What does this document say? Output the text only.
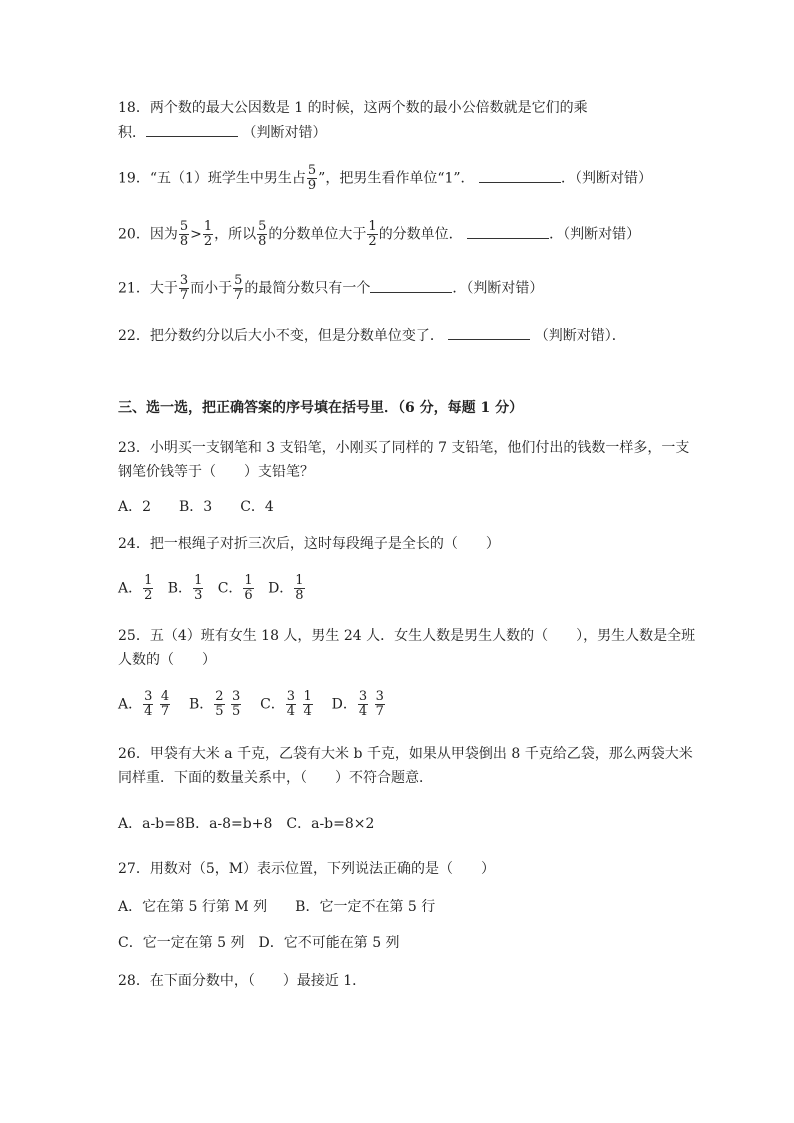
18．两个数的最大公因数是 1 的时候，这两个数的最小公倍数就是它们的乘
积．	（判断对错）
19．“五（1）班学生中男生占 $\frac{5}{9}$ ”，把男生看作单位“1”．	．（判断对错）
20．因为 $\frac{5}{8} > \frac{1}{2}$ ，所以 $\frac{5}{8}$ 的分数单位大于 $\frac{1}{2}$ 的分数单位．	．（判断对错）
21．大于 $\frac{3}{7}$ 而小于 $\frac{5}{7}$ 的最简分数只有一个	．（判断对错）
22．把分数约分以后大小不变，但是分数单位变了．	（判断对错）．
三、选一选，把正确答案的序号填在括号里．（6 分，每题 1 分）
23．小明买一支钢笔和 3 支铅笔，小刚买了同样的 7 支铅笔，他们付出的钱数一样多，一支
钢笔价钱等于（　　）支铅笔？
A．2　　B．3　　C．4
24．把一根绳子对折三次后，这时每段绳子是全长的（　　）
A． $\frac{1}{2}$ B． $\frac{1}{3}$ C． $\frac{1}{6}$ D． $\frac{1}{8}$
25．五（4）班有女生 18 人，男生 24 人．女生人数是男生人数的（　　），男生人数是全班
人数的（　　）
A． $\frac{3}{4}$
$\frac{4}{7}$ B． $\frac{2}{5}$
$\frac{3}{5}$ C． $\frac{3}{4}$
$\frac{1}{4}$ D． $\frac{3}{4}$
$\frac{3}{7}$
26．甲袋有大米 a 千克，乙袋有大米 b 千克，如果从甲袋倒出 8 千克给乙袋，那么两袋大米
同样重．下面的数量关系中，（　　）不符合题意．
A．a-b=8B．a-8=b+8　C．a-b=8×2
27．用数对（5，M）表示位置，下列说法正确的是（　　）
A．它在第 5 行第 M 列　　B．它一定不在第 5 行
C．它一定在第 5 列　D．它不可能在第 5 列
28．在下面分数中，（　　）最接近 1．
